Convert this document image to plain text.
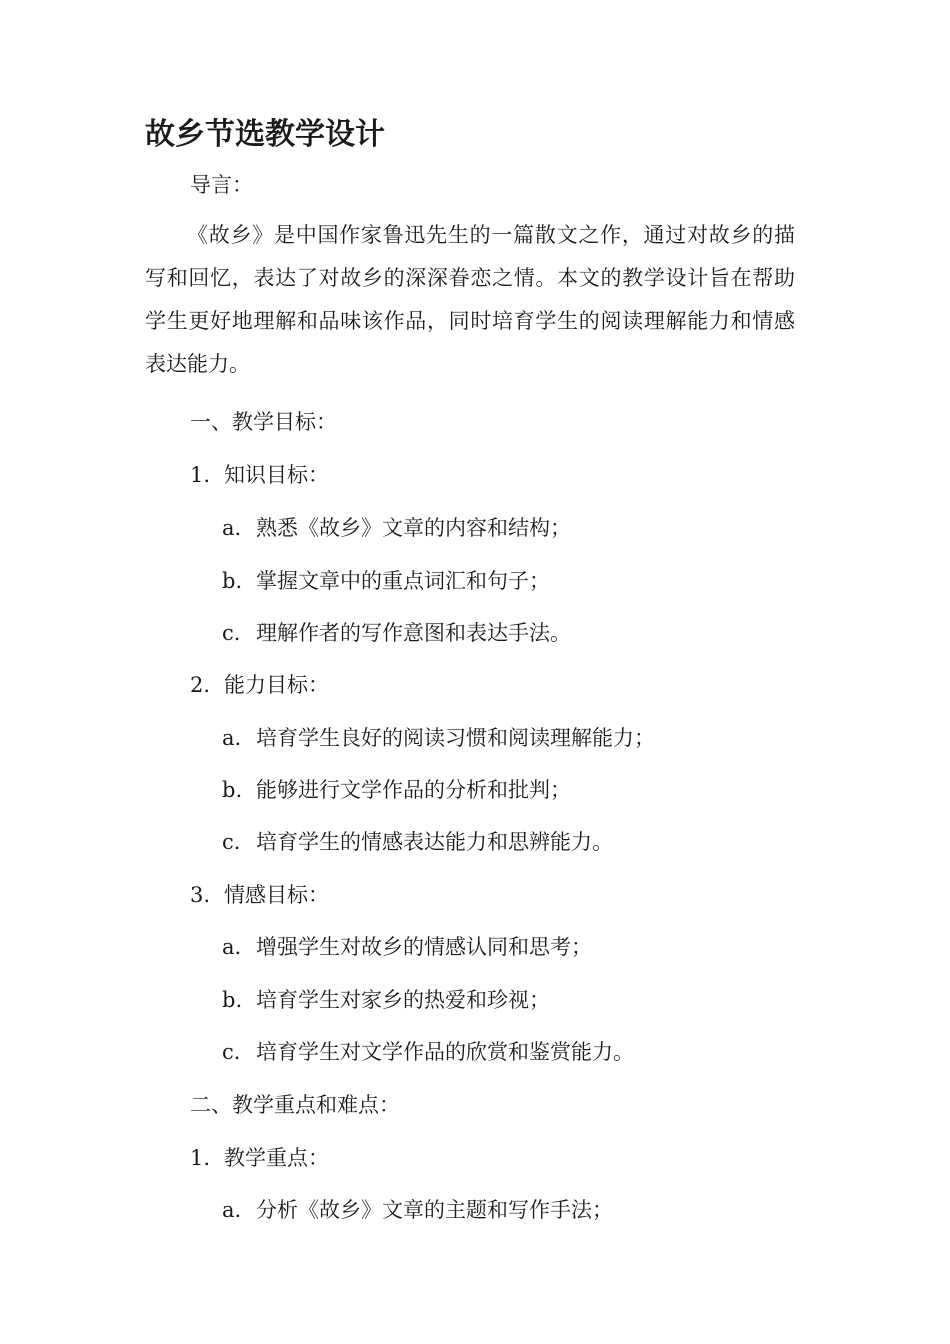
故乡节选教学设计
导言：

《故乡》是中国作家鲁迅先生的一篇散文之作，通过对故乡的描写和回忆，表达了对故乡的深深眷恋之情。本文的教学设计旨在帮助学生更好地理解和品味该作品，同时培育学生的阅读理解能力和情感表达能力。

一、教学目标：
1. 知识目标：
a. 熟悉《故乡》文章的内容和结构；
b. 掌握文章中的重点词汇和句子；
c. 理解作者的写作意图和表达手法。
2. 能力目标：
a. 培育学生良好的阅读习惯和阅读理解能力；
b. 能够进行文学作品的分析和批判；
c. 培育学生的情感表达能力和思辨能力。
3. 情感目标：
a. 增强学生对故乡的情感认同和思考；
b. 培育学生对家乡的热爱和珍视；
c. 培育学生对文学作品的欣赏和鉴赏能力。
二、教学重点和难点：
1. 教学重点：
a. 分析《故乡》文章的主题和写作手法；
